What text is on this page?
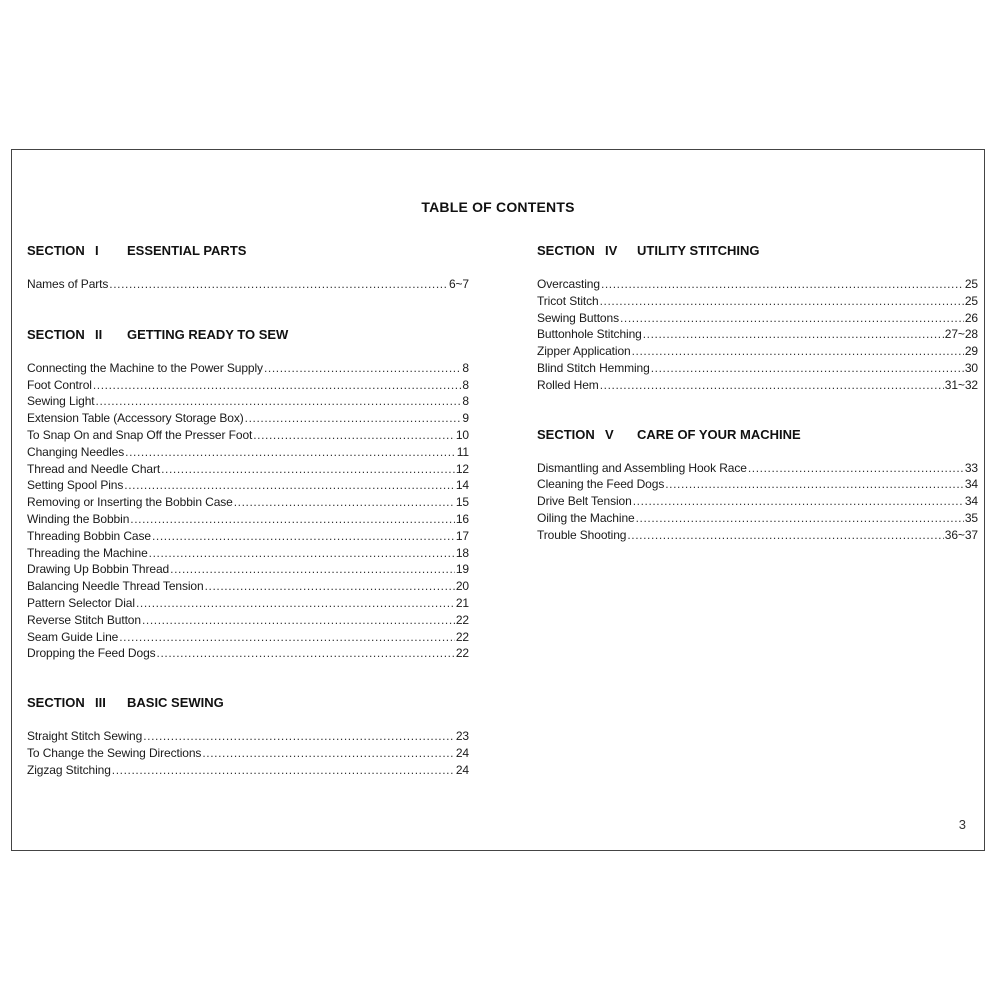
TABLE OF CONTENTS
SECTION I	ESSENTIAL PARTS
Names of Parts .....	6~7
SECTION II	GETTING READY TO SEW
Connecting the Machine to the Power Supply .....	8
Foot Control .....	8
Sewing Light .....	8
Extension Table (Accessory Storage Box) .....	9
To Snap On and Snap Off the Presser Foot .....	10
Changing Needles .....	11
Thread and Needle Chart .....	12
Setting Spool Pins .....	14
Removing or Inserting the Bobbin Case .....	15
Winding the Bobbin .....	16
Threading Bobbin Case .....	17
Threading the Machine .....	18
Drawing Up Bobbin Thread .....	19
Balancing Needle Thread Tension .....	20
Pattern Selector Dial .....	21
Reverse Stitch Button .....	22
Seam Guide Line .....	22
Dropping the Feed Dogs .....	22
SECTION III	BASIC SEWING
Straight Stitch Sewing .....	23
To Change the Sewing Directions .....	24
Zigzag Stitching .....	24
SECTION IV	UTILITY STITCHING
Overcasting .....	25
Tricot Stitch .....	25
Sewing Buttons .....	26
Buttonhole Stitching .....	27~28
Zipper Application .....	29
Blind Stitch Hemming .....	30
Rolled Hem .....	31~32
SECTION V	CARE OF YOUR MACHINE
Dismantling and Assembling Hook Race .....	33
Cleaning the Feed Dogs .....	34
Drive Belt Tension .....	34
Oiling the Machine .....	35
Trouble Shooting .....	36~37
3
